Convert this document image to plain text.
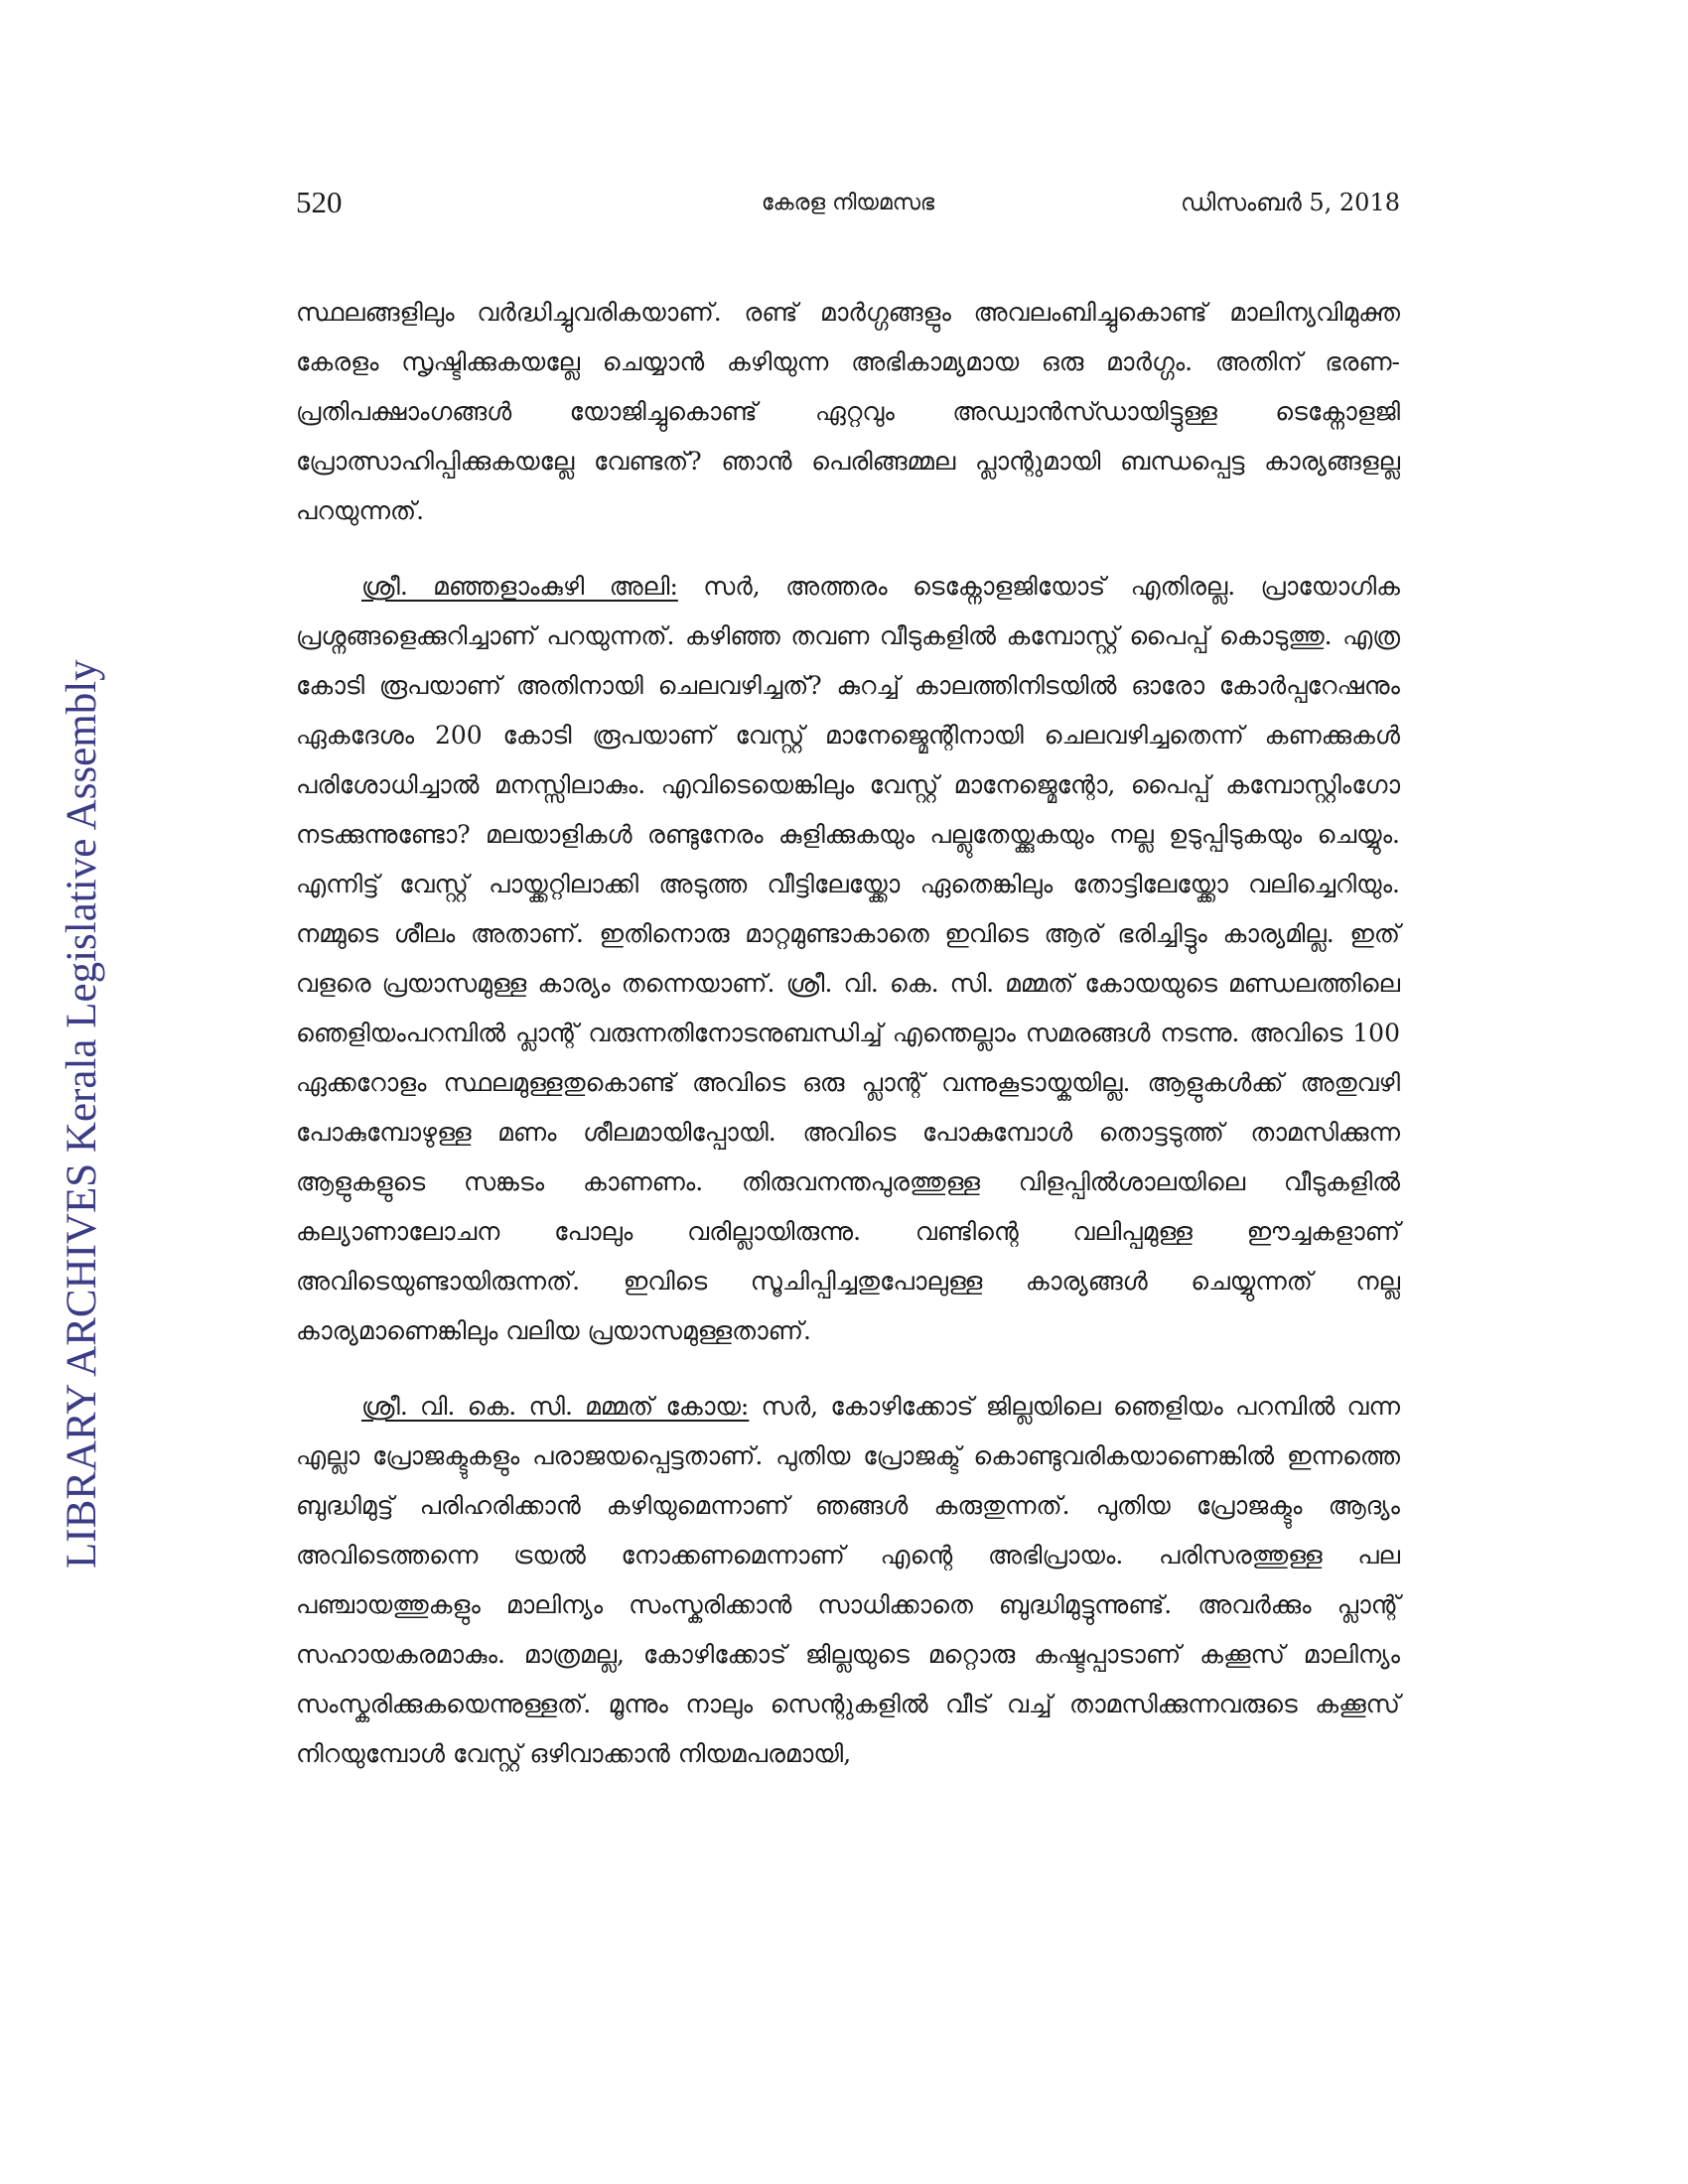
520	കേരള നിയമസഭ	ഡിസംബർ 5, 2018
LIBRARY ARCHIVES Kerala Legislative Assembly

സ്ഥലങ്ങളിലും വർദ്ധിച്ചുവരികയാണ്. രണ്ട് മാർഗ്ഗങ്ങളും അവലംബിച്ചുകൊണ്ട് മാലിന്യവിമുക്ത കേരളം സൃഷ്ടിക്കുകയല്ലേ ചെയ്യാൻ കഴിയുന്ന അഭികാമ്യമായ ഒരു മാർഗ്ഗം. അതിന് ഭരണ-പ്രതിപക്ഷാംഗങ്ങൾ യോജിച്ചുകൊണ്ട് ഏറ്റവും അഡ്വാൻസ്ഡായിട്ടുള്ള ടെക്നോളജി പ്രോത്സാഹിപ്പിക്കുകയല്ലേ വേണ്ടത്? ഞാൻ പെരിങ്ങമ്മല പ്ലാന്റുമായി ബന്ധപ്പെട്ട കാര്യങ്ങളല്ല പറയുന്നത്.

ശ്രീ. മഞ്ഞളാംകുഴി അലി: സർ, അത്തരം ടെക്നോളജിയോട് എതിരല്ല. പ്രായോഗിക പ്രശ്നങ്ങളെക്കുറിച്ചാണ് പറയുന്നത്. കഴിഞ്ഞ തവണ വീടുകളിൽ കമ്പോസ്റ്റ് പൈപ്പ് കൊടുത്തു. എത്ര കോടി രൂപയാണ് അതിനായി ചെലവഴിച്ചത്? കുറച്ച് കാലത്തിനിടയിൽ ഓരോ കോർപ്പറേഷനും ഏകദേശം 200 കോടി രൂപയാണ് വേസ്റ്റ് മാനേജ്മെന്റിനായി ചെലവഴിച്ചതെന്ന് കണക്കുകൾ പരിശോധിച്ചാൽ മനസ്സിലാകും. എവിടെയെങ്കിലും വേസ്റ്റ് മാനേജ്മെന്റോ, പൈപ്പ് കമ്പോസ്റ്റിംഗോ നടക്കുന്നുണ്ടോ? മലയാളികൾ രണ്ടുനേരം കുളിക്കുകയും പല്ലുതേയ്ക്കുകയും നല്ല ഉടുപ്പിടുകയും ചെയ്യും. എന്നിട്ട് വേസ്റ്റ് പായ്ക്കറ്റിലാക്കി അടുത്ത വീട്ടിലേയ്ക്കോ ഏതെങ്കിലും തോട്ടിലേയ്ക്കോ വലിച്ചെറിയും. നമ്മുടെ ശീലം അതാണ്. ഇതിനൊരു മാറ്റമുണ്ടാകാതെ ഇവിടെ ആര് ഭരിച്ചിട്ടും കാര്യമില്ല. ഇത് വളരെ പ്രയാസമുള്ള കാര്യം തന്നെയാണ്. ശ്രീ. വി. കെ. സി. മമ്മത് കോയയുടെ മണ്ഡലത്തിലെ ഞെളിയംപറമ്പിൽ പ്ലാന്റ് വരുന്നതിനോടനുബന്ധിച്ച് എന്തെല്ലാം സമരങ്ങൾ നടന്നു. അവിടെ 100 ഏക്കറോളം സ്ഥലമുള്ളതുകൊണ്ട് അവിടെ ഒരു പ്ലാന്റ് വന്നുകൂടായ്കയില്ല. ആളുകൾക്ക് അതുവഴി പോകുമ്പോഴുള്ള മണം ശീലമായിപ്പോയി. അവിടെ പോകുമ്പോൾ തൊട്ടടുത്ത് താമസിക്കുന്ന ആളുകളുടെ സങ്കടം കാണണം. തിരുവനന്തപുരത്തുള്ള വിളപ്പിൽശാലയിലെ വീടുകളിൽ കല്യാണാലോചന പോലും വരില്ലായിരുന്നു. വണ്ടിന്റെ വലിപ്പമുള്ള ഈച്ചകളാണ് അവിടെയുണ്ടായിരുന്നത്. ഇവിടെ സൂചിപ്പിച്ചതുപോലുള്ള കാര്യങ്ങൾ ചെയ്യുന്നത് നല്ല കാര്യമാണെങ്കിലും വലിയ പ്രയാസമുള്ളതാണ്.

ശ്രീ. വി. കെ. സി. മമ്മത് കോയ: സർ, കോഴിക്കോട് ജില്ലയിലെ ഞെളിയം പറമ്പിൽ വന്ന എല്ലാ പ്രോജക്ടുകളും പരാജയപ്പെട്ടതാണ്. പുതിയ പ്രോജക്ട് കൊണ്ടുവരികയാണെങ്കിൽ ഇന്നത്തെ ബുദ്ധിമുട്ട് പരിഹരിക്കാൻ കഴിയുമെന്നാണ് ഞങ്ങൾ കരുതുന്നത്. പുതിയ പ്രോജക്ടും ആദ്യം അവിടെത്തന്നെ ട്രയൽ നോക്കണമെന്നാണ് എന്റെ അഭിപ്രായം. പരിസരത്തുള്ള പല പഞ്ചായത്തുകളും മാലിന്യം സംസ്കരിക്കാൻ സാധിക്കാതെ ബുദ്ധിമുട്ടുന്നുണ്ട്. അവർക്കും പ്ലാന്റ് സഹായകരമാകും. മാത്രമല്ല, കോഴിക്കോട് ജില്ലയുടെ മറ്റൊരു കഷ്ടപ്പാടാണ് കക്കൂസ് മാലിന്യം സംസ്കരിക്കുകയെന്നുള്ളത്. മൂന്നും നാലും സെന്റുകളിൽ വീട് വച്ച് താമസിക്കുന്നവരുടെ കക്കൂസ് നിറയുമ്പോൾ വേസ്റ്റ് ഒഴിവാക്കാൻ നിയമപരമായി,
